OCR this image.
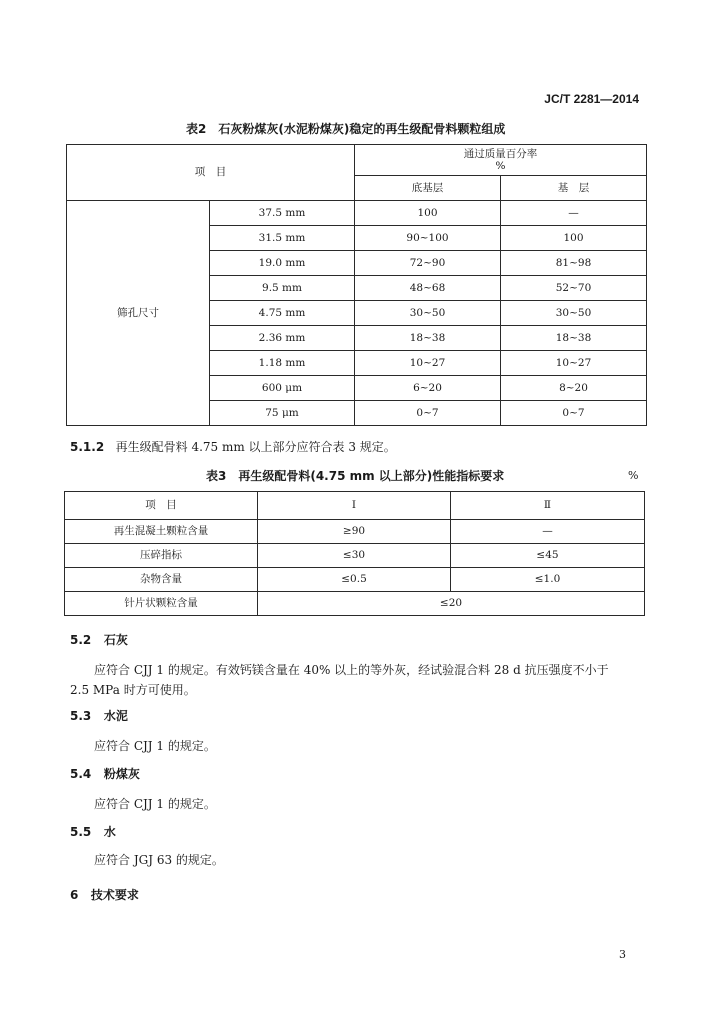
JC/T 2281—2014
表2　石灰粉煤灰(水泥粉煤灰)稳定的再生级配骨料颗粒组成
项　目		通过质量百分率
%	

		底基层	基　层
筛孔尺寸	37.5 mm	100	—
	31.5 mm	90~100	100
	19.0 mm	72~90	81~98
	9.5 mm	48~68	52~70
	4.75 mm	30~50	30~50
	2.36 mm	18~38	18~38
	1.18 mm	10~27	10~27
	600 μm	6~20	8~20
	75 μm	0~7	0~7
5.1.2 再生级配骨料 4.75 mm 以上部分应符合表 3 规定。
表3　再生级配骨料(4.75 mm 以上部分)性能指标要求	%
项　目	Ⅰ	Ⅱ
再生混凝土颗粒含量	≥90	—
压碎指标	≤30	≤45
杂物含量	≤0.5	≤1.0
针片状颗粒含量	≤20	
5.2 石灰
应符合 CJJ 1 的规定。有效钙镁含量在 40% 以上的等外灰，经试验混合料 28 d 抗压强度不小于
2.5 MPa 时方可使用。
5.3 水泥
应符合 CJJ 1 的规定。
5.4 粉煤灰
应符合 CJJ 1 的规定。
5.5 水
应符合 JGJ 63 的规定。
6 技术要求
3
